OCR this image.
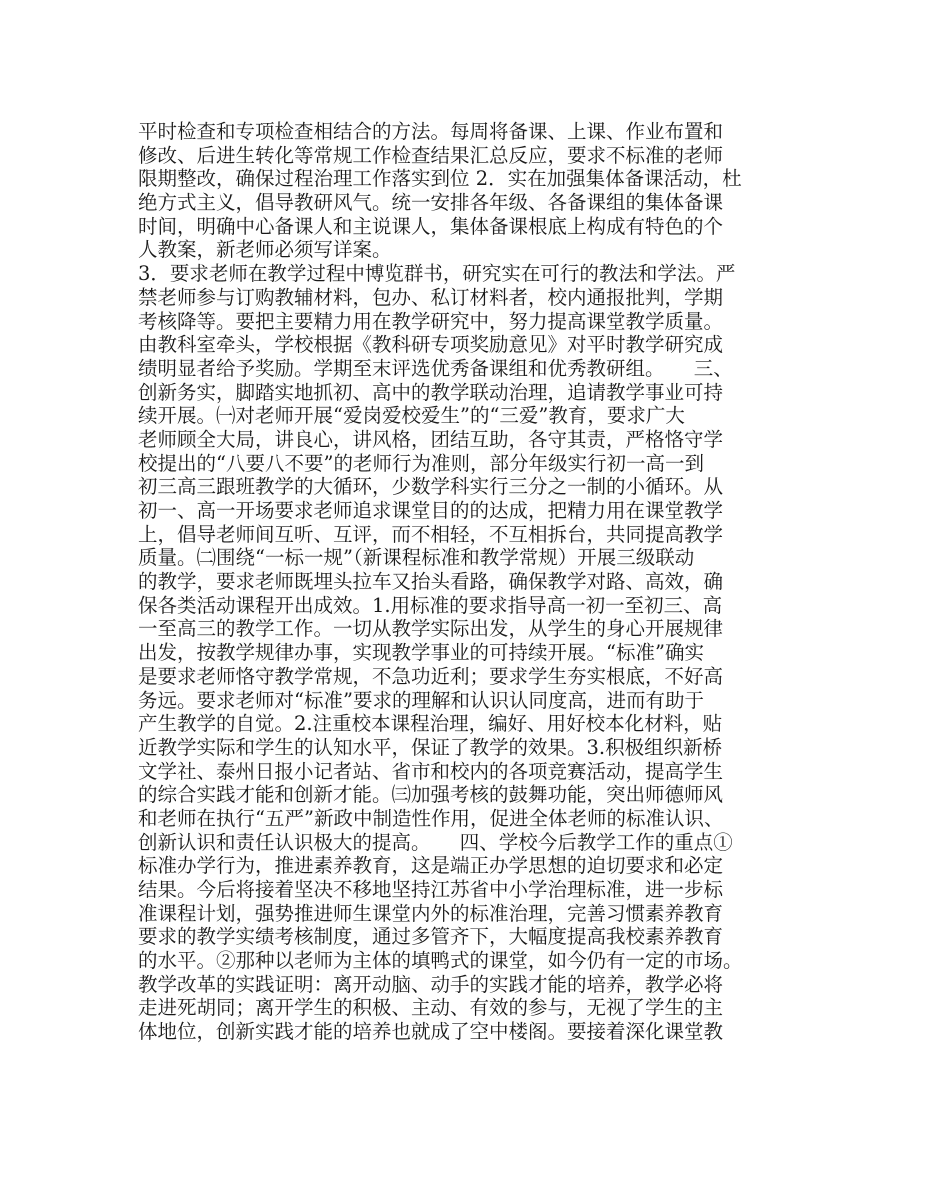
平时检查和专项检查相结合的方法。每周将备课、上课、作业布置和
修改、后进生转化等常规工作检查结果汇总反应，要求不标准的老师
限期整改，确保过程治理工作落实到位 2．实在加强集体备课活动，杜
绝方式主义，倡导教研风气。统一安排各年级、各备课组的集体备课
时间，明确中心备课人和主说课人，集体备课根底上构成有特色的个
人教案，新老师必须写详案。
3．要求老师在教学过程中博览群书，研究实在可行的教法和学法。严
禁老师参与订购教辅材料，包办、私订材料者，校内通报批判，学期
考核降等。要把主要精力用在教学研究中，努力提高课堂教学质量。
由教科室牵头，学校根据《教科研专项奖励意见》对平时教学研究成
绩明显者给予奖励。学期至末评选优秀备课组和优秀教研组。　　三、
创新务实，脚踏实地抓初、高中的教学联动治理，追请教学事业可持
续开展。㈠对老师开展“爱岗爱校爱生”的“三爱”教育，要求广大
老师顾全大局，讲良心，讲风格，团结互助，各守其责，严格恪守学
校提出的“八要八不要”的老师行为准则，部分年级实行初一高一到
初三高三跟班教学的大循环，少数学科实行三分之一制的小循环。从
初一、高一开场要求老师追求课堂目的的达成，把精力用在课堂教学
上，倡导老师间互听、互评，而不相轻，不互相拆台，共同提高教学
质量。㈡围绕“一标一规”（新课程标准和教学常规）开展三级联动
的教学，要求老师既埋头拉车又抬头看路，确保教学对路、高效，确
保各类活动课程开出成效。1.用标准的要求指导高一初一至初三、高
一至高三的教学工作。一切从教学实际出发，从学生的身心开展规律
出发，按教学规律办事，实现教学事业的可持续开展。“标准”确实
是要求老师恪守教学常规，不急功近利；要求学生夯实根底，不好高
务远。要求老师对“标准”要求的理解和认识认同度高，进而有助于
产生教学的自觉。2.注重校本课程治理，编好、用好校本化材料，贴
近教学实际和学生的认知水平，保证了教学的效果。3.积极组织新桥
文学社、泰州日报小记者站、省市和校内的各项竞赛活动，提高学生
的综合实践才能和创新才能。㈢加强考核的鼓舞功能，突出师德师风
和老师在执行“五严”新政中制造性作用，促进全体老师的标准认识、
创新认识和责任认识极大的提高。　　四、学校今后教学工作的重点①
标准办学行为，推进素养教育，这是端正办学思想的迫切要求和必定
结果。今后将接着坚决不移地坚持江苏省中小学治理标准，进一步标
准课程计划，强势推进师生课堂内外的标准治理，完善习惯素养教育
要求的教学实绩考核制度，通过多管齐下，大幅度提高我校素养教育
的水平。②那种以老师为主体的填鸭式的课堂，如今仍有一定的市场。
教学改革的实践证明：离开动脑、动手的实践才能的培养，教学必将
走进死胡同；离开学生的积极、主动、有效的参与，无视了学生的主
体地位，创新实践才能的培养也就成了空中楼阁。要接着深化课堂教
